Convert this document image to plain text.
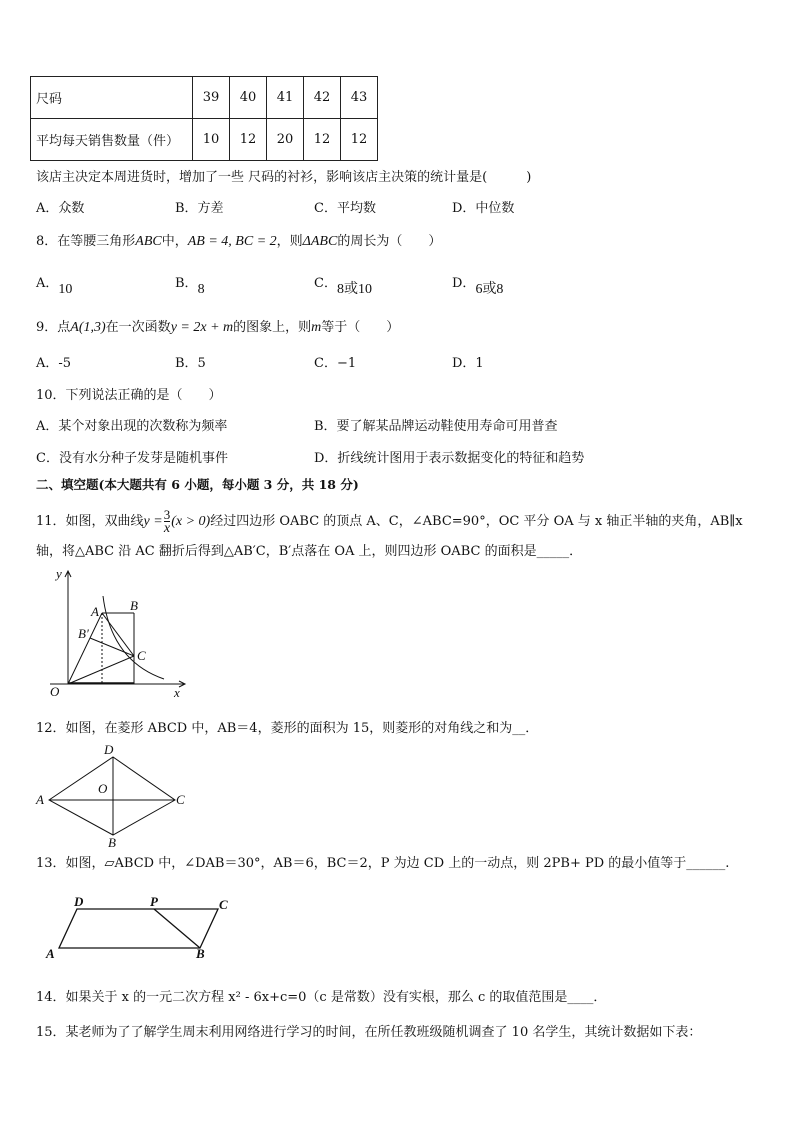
尺码	39	40	41	42	43
平均每天销售数量（件）	10	12	20	12	12
该店主决定本周进货时，增加了一些 尺码的衬衫，影响该店主决策的统计量是(　　　)
A．众数	B．方差	C．平均数	D．中位数
8．在等腰三角形ABC中，AB = 4, BC = 2，则ΔABC的周长为（　　）
A．10	B．8	C．8或10	D．6或8
9．点A(1,3)在一次函数y = 2x + m的图象上，则m等于（　　）
A．-5	B．5	C．−1	D．1
10．下列说法正确的是（　　）
A．某个对象出现的次数称为频率	B．要了解某品牌运动鞋使用寿命可用普查
C．没有水分种子发芽是随机事件	D．折线统计图用于表示数据变化的特征和趋势
二、填空题(本大题共有 6 小题，每小题 3 分，共 18 分)
11．如图，双曲线$y = \frac{3}{x} (x > 0)$经过四边形 OABC 的顶点 A、C，∠ABC=90°，OC 平分 OA 与 x 轴正半轴的夹角，AB∥x
轴，将△ABC 沿 AC 翻折后得到△AB′C，B′点落在 OA 上，则四边形 OABC 的面积是_____．
y
x
O
A B
B′
C
12．如图，在菱形 ABCD 中，AB＝4，菱形的面积为 15，则菱形的对角线之和为__．
D
A	C
B
O
13．如图，▱ABCD 中，∠DAB＝30°，AB＝6，BC＝2，P 为边 CD 上的一动点，则 2PB+ PD 的最小值等于______.
D	P	C
A	B
14．如果关于 x 的一元二次方程 x² - 6x+c=0（c 是常数）没有实根，那么 c 的取值范围是____．
15．某老师为了了解学生周末利用网络进行学习的时间，在所任教班级随机调查了 10 名学生，其统计数据如下表：
